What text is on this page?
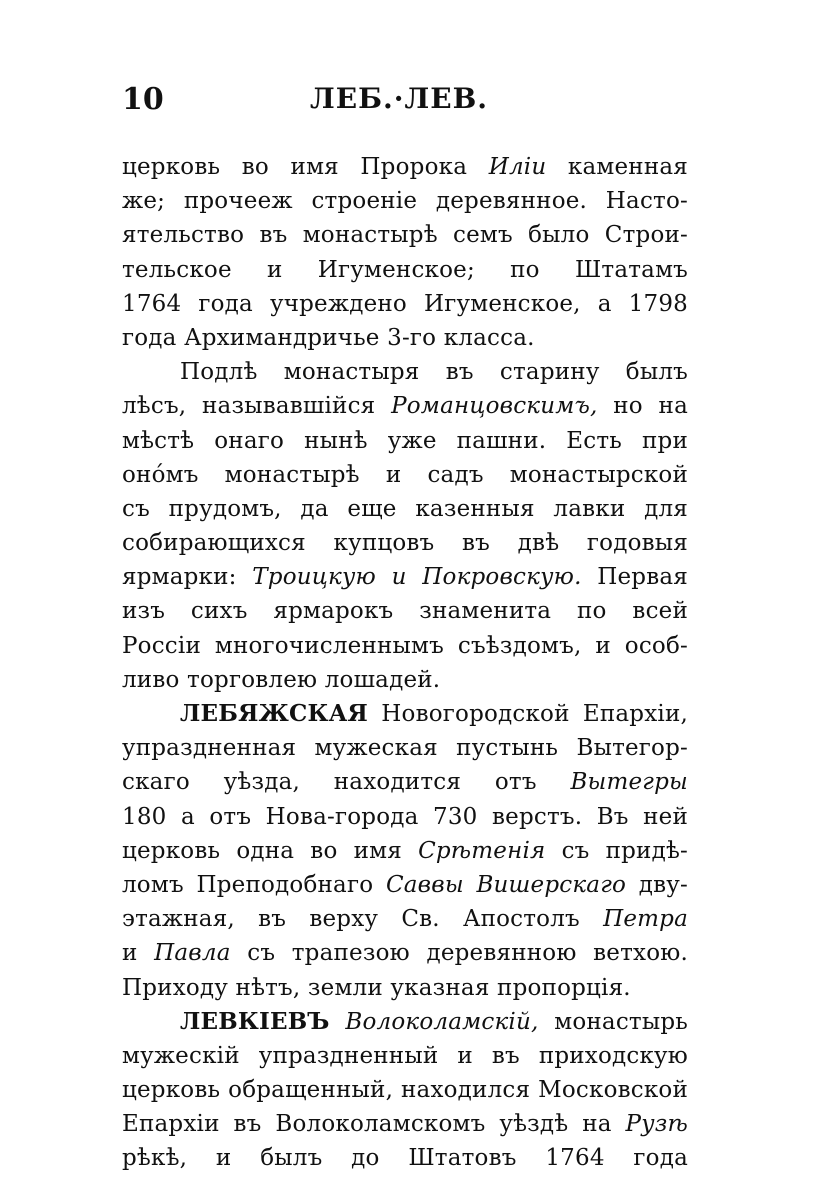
10	ЛЕБ.·ЛЕВ.
церковь во имя Пророка Иліи каменная
же; прочееж строеніе деревянное. Насто-
ятельство въ монастырѣ семъ было Строи-
тельское и Игуменское; по Штатамъ
1764 года учреждено Игуменское, а 1798
года Архимандричье 3-го класса.
Подлѣ монастыря въ старину былъ
лѣсъ, называвшійся Романцовскимъ, но на
мѣстѣ онаго нынѣ уже пашни. Есть при
онóмъ монастырѣ и садъ монастырской
съ прудомъ, да еще казенныя лавки для
собирающихся купцовъ въ двѣ годовыя
ярмарки: Троицкую и Покровскую. Первая
изъ сихъ ярмарокъ знаменита по всей
Россіи многочисленнымъ съѣздомъ, и особ-
ливо торговлею лошадей.
ЛЕБЯЖСКАЯ Новогородской Епархіи,
упраздненная мужеская пустынь Вытегор-
скаго уѣзда, находится отъ Вытегры
180 а отъ Нова-города 730 верстъ. Въ ней
церковь одна во имя Срѣтенія съ придѣ-
ломъ Преподобнаго Саввы Вишерскаго дву-
этажная, въ верху Св. Апостолъ Петра
и Павла съ трапезою деревянною ветхою.
Приходу нѣтъ, земли указная пропорція.
ЛЕВКІЕВЪ Волоколамскій, монастырь
мужескій упраздненный и въ приходскую
церковь обращенный, находился Московской
Епархіи въ Волоколамскомъ уѣздѣ на Рузѣ
рѣкѣ, и былъ до Штатовъ 1764 года
